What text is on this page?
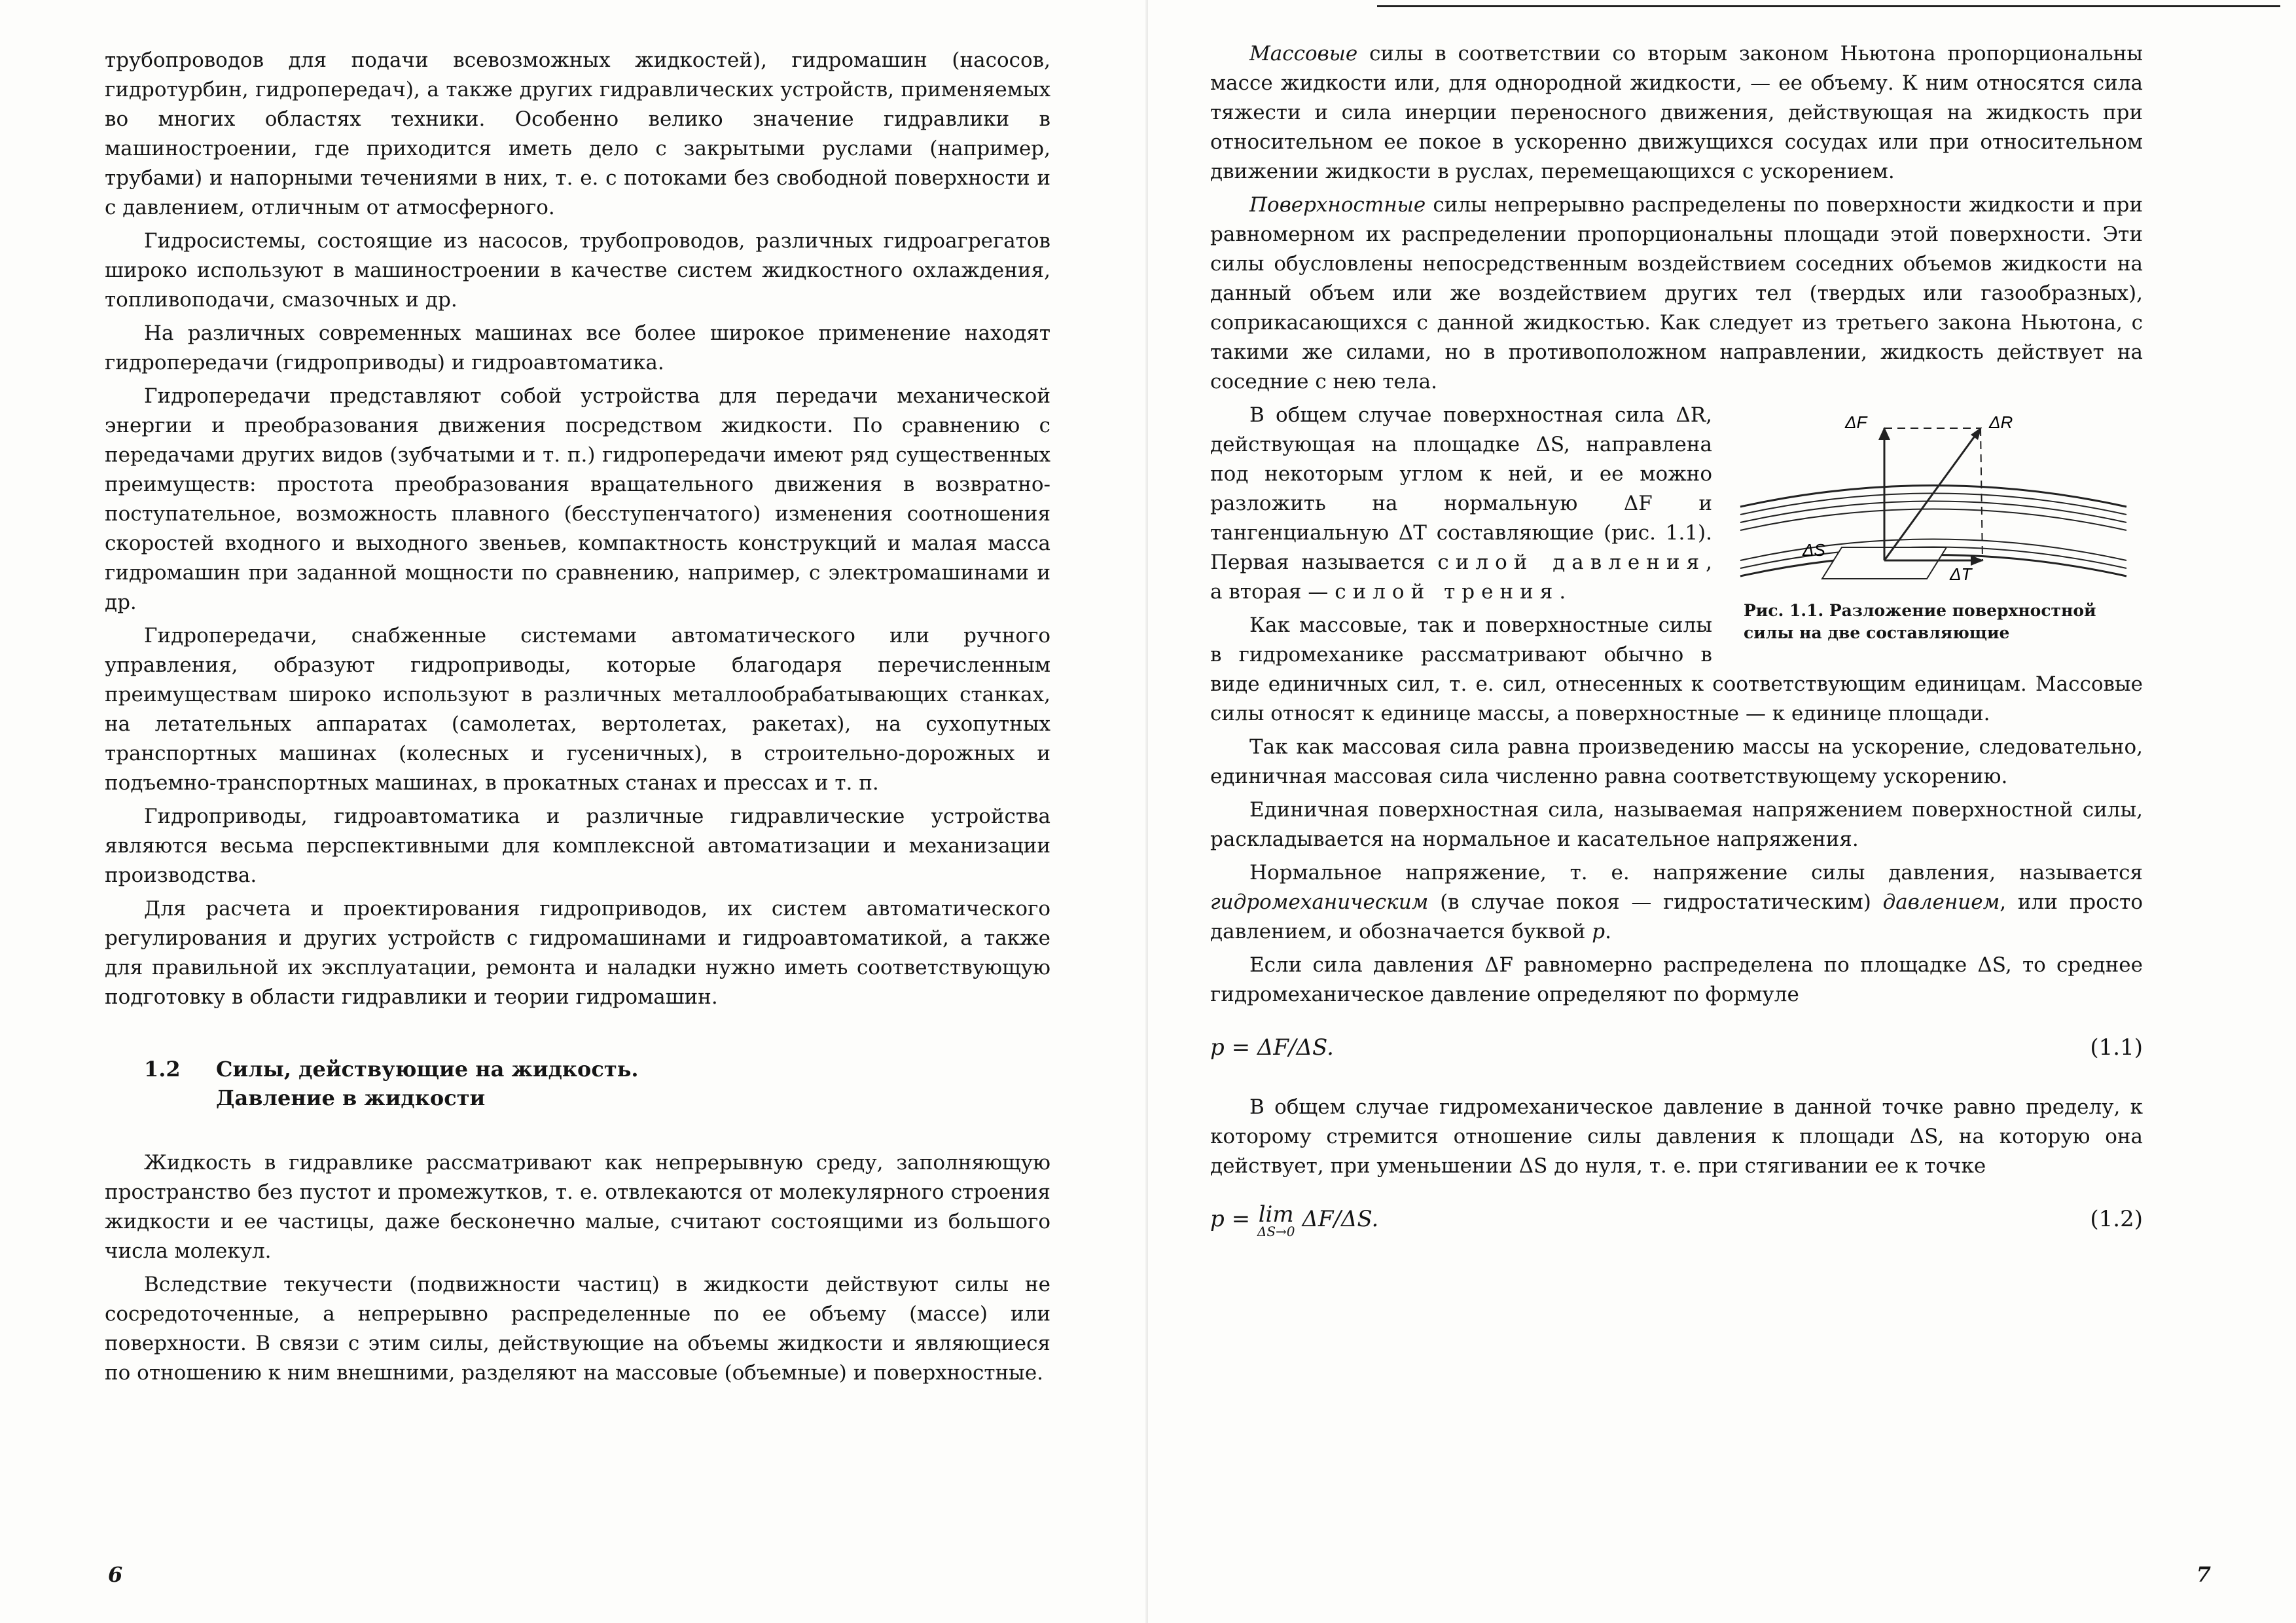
трубопроводов для подачи всевозможных жидкостей), гидромашин (насосов, гидротурбин, гидропередач), а также других гидравлических устройств, применяемых во многих областях техники. Особенно велико значение гидравлики в машиностроении, где приходится иметь дело с закрытыми руслами (например, трубами) и напорными течениями в них, т. е. с потоками без свободной поверхности и с давлением, отличным от атмосферного.

Гидросистемы, состоящие из насосов, трубопроводов, различных гидроагрегатов широко используют в машиностроении в качестве систем жидкостного охлаждения, топливоподачи, смазочных и др.

На различных современных машинах все более широкое применение находят гидропередачи (гидроприводы) и гидроавтоматика.

Гидропередачи представляют собой устройства для передачи механической энергии и преобразования движения посредством жидкости. По сравнению с передачами других видов (зубчатыми и т. п.) гидропередачи имеют ряд существенных преимуществ: простота преобразования вращательного движения в возвратно-поступательное, возможность плавного (бесступенчатого) изменения соотношения скоростей входного и выходного звеньев, компактность конструкций и малая масса гидромашин при заданной мощности по сравнению, например, с электромашинами и др.

Гидропередачи, снабженные системами автоматического или ручного управления, образуют гидроприводы, которые благодаря перечисленным преимуществам широко используют в различных металлообрабатывающих станках, на летательных аппаратах (самолетах, вертолетах, ракетах), на сухопутных транспортных машинах (колесных и гусеничных), в строительно-дорожных и подъемно-транспортных машинах, в прокатных станах и прессах и т. п.

Гидроприводы, гидроавтоматика и различные гидравлические устройства являются весьма перспективными для комплексной автоматизации и механизации производства.

Для расчета и проектирования гидроприводов, их систем автоматического регулирования и других устройств с гидромашинами и гидроавтоматикой, а также для правильной их эксплуатации, ремонта и наладки нужно иметь соответствующую подготовку в области гидравлики и теории гидромашин.

1.2	Силы, действующие на жидкость.
Давление в жидкости

Жидкость в гидравлике рассматривают как непрерывную среду, заполняющую пространство без пустот и промежутков, т. е. отвлекаются от молекулярного строения жидкости и ее частицы, даже бесконечно малые, считают состоящими из большого числа молекул.

Вследствие текучести (подвижности частиц) в жидкости действуют силы не сосредоточенные, а непрерывно распределенные по ее объему (массе) или поверхности. В связи с этим силы, действующие на объемы жидкости и являющиеся по отношению к ним внешними, разделяют на массовые (объемные) и поверхностные.

6

Массовые силы в соответствии со вторым законом Ньютона пропорциональны массе жидкости или, для однородной жидкости, — ее объему. К ним относятся сила тяжести и сила инерции переносного движения, действующая на жидкость при относительном ее покое в ускоренно движущихся сосудах или при относительном движении жидкости в руслах, перемещающихся с ускорением.

Поверхностные силы непрерывно распределены по поверхности жидкости и при равномерном их распределении пропорциональны площади этой поверхности. Эти силы обусловлены непосредственным воздействием соседних объемов жидкости на данный объем или же воздействием других тел (твердых или газообразных), соприкасающихся с данной жидкостью. Как следует из третьего закона Ньютона, с такими же силами, но в противоположном направлении, жидкость действует на соседние с нею тела.

ΔF	ΔR
ΔS
ΔT
Рис. 1.1. Разложение поверхностной силы на две составляющие

В общем случае поверхностная сила ΔR, действующая на площадке ΔS, направлена под некоторым углом к ней, и ее можно разложить на нормальную ΔF и тангенциальную ΔT составляющие (рис. 1.1). Первая называется силой давления, а вторая — силой трения.

Как массовые, так и поверхностные силы в гидромеханике рассматривают обычно в виде единичных сил, т. е. сил, отнесенных к соответствующим единицам. Массовые силы относят к единице массы, а поверхностные — к единице площади.

Так как массовая сила равна произведению массы на ускорение, следовательно, единичная массовая сила численно равна соответствующему ускорению.

Единичная поверхностная сила, называемая напряжением поверхностной силы, раскладывается на нормальное и касательное напряжения.

Нормальное напряжение, т. е. напряжение силы давления, называется гидромеханическим (в случае покоя — гидростатическим) давлением, или просто давлением, и обозначается буквой p.

Если сила давления ΔF равномерно распределена по площадке ΔS, то среднее гидромеханическое давление определяют по формуле

p = ΔF/ΔS.	(1.1)

В общем случае гидромеханическое давление в данной точке равно пределу, к которому стремится отношение силы давления к площади ΔS, на которую она действует, при уменьшении ΔS до нуля, т. е. при стягивании ее к точке

p = lim
ΔS→0 ΔF/ΔS.	(1.2)
7
